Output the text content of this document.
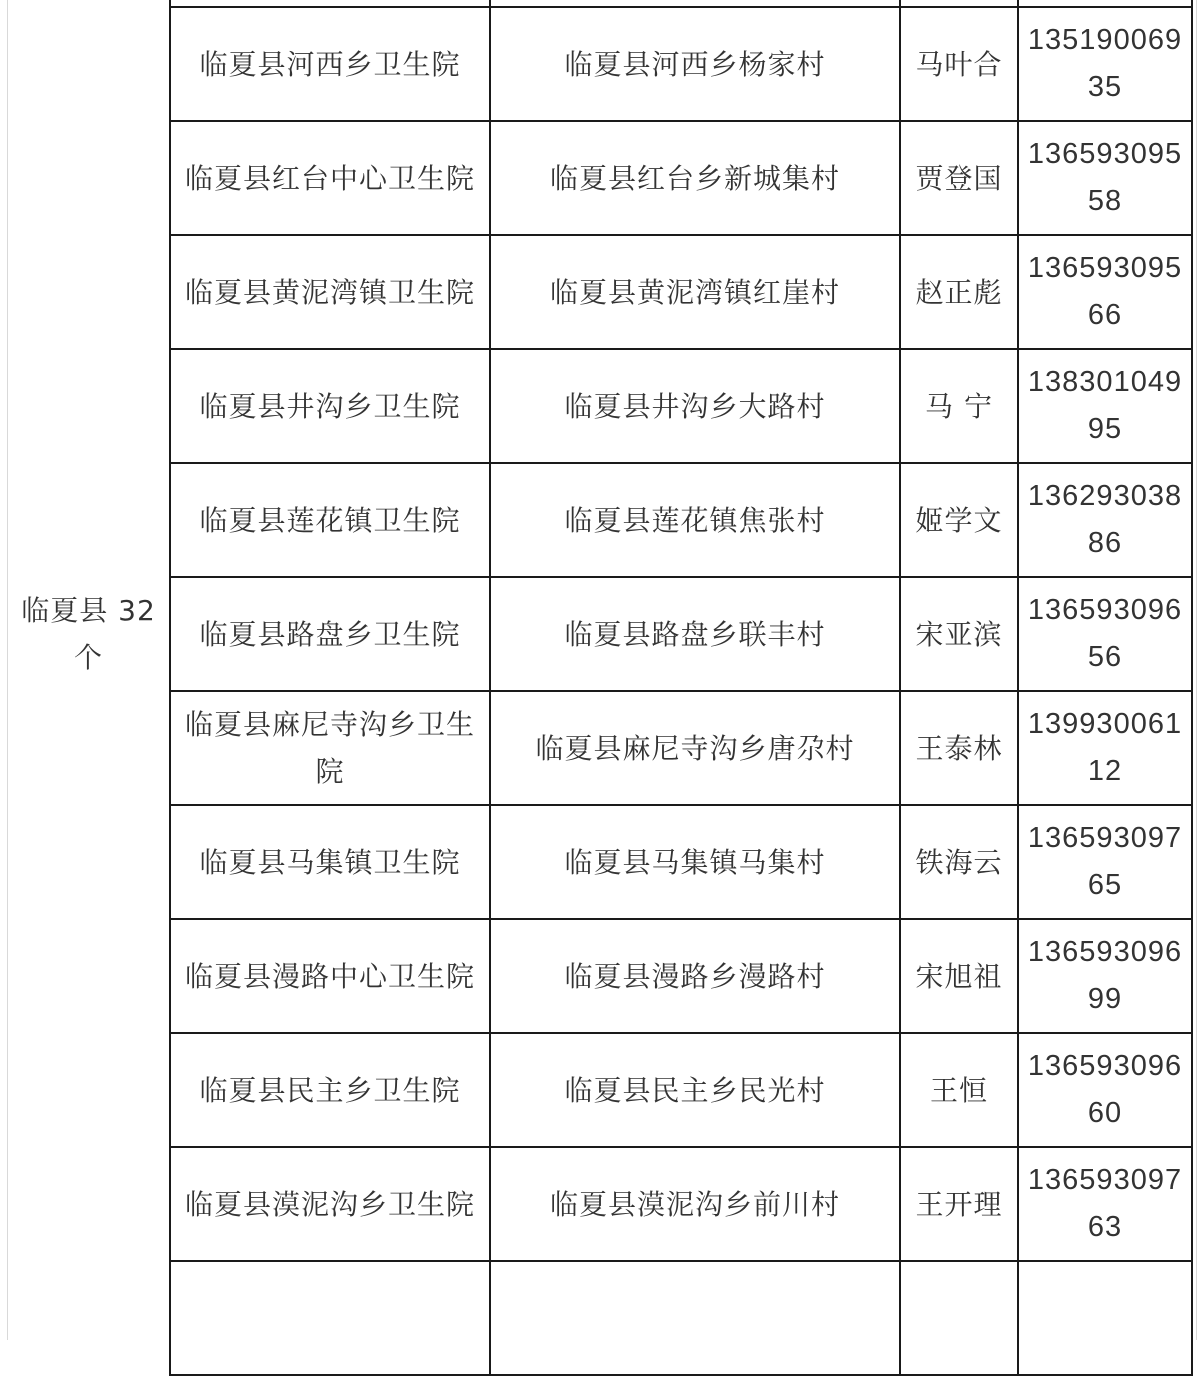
临夏县 32个				
	临夏县河西乡卫生院	临夏县河西乡杨家村	马叶合	13519006935
	临夏县红台中心卫生院	临夏县红台乡新城集村	贾登国	13659309558
	临夏县黄泥湾镇卫生院	临夏县黄泥湾镇红崖村	赵正彪	13659309566
	临夏县井沟乡卫生院	临夏县井沟乡大路村	马 宁	13830104995
	临夏县莲花镇卫生院	临夏县莲花镇焦张村	姬学文	13629303886
	临夏县路盘乡卫生院	临夏县路盘乡联丰村	宋亚滨	13659309656
	临夏县麻尼寺沟乡卫生院	临夏县麻尼寺沟乡唐尕村	王泰林	13993006112
	临夏县马集镇卫生院	临夏县马集镇马集村	铁海云	13659309765
	临夏县漫路中心卫生院	临夏县漫路乡漫路村	宋旭祖	13659309699
	临夏县民主乡卫生院	临夏县民主乡民光村	王恒	13659309660
	临夏县漠泥沟乡卫生院	临夏县漠泥沟乡前川村	王开理	13659309763
